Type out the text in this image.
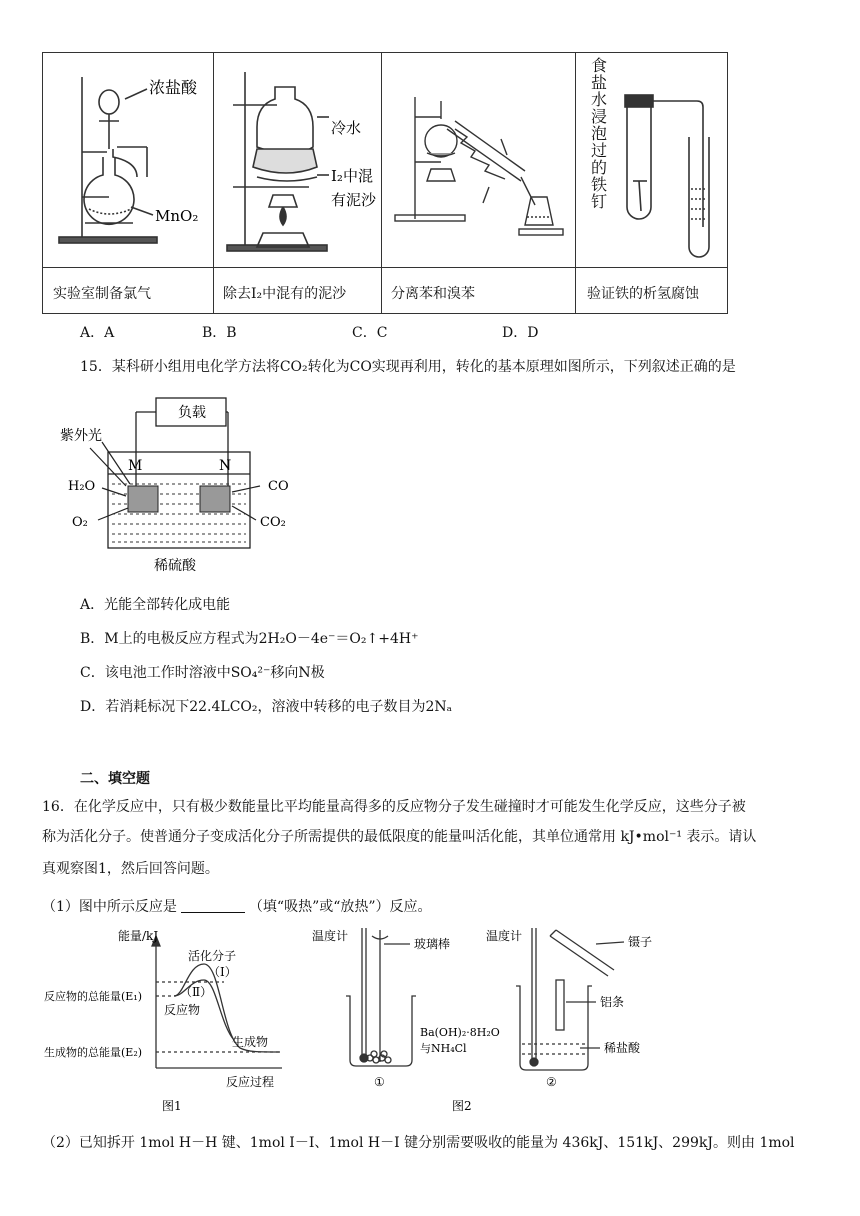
浓盐酸
MnO₂
冷水
I₂中混
有泥沙
食
盐
水
浸
泡
过
的
铁
钉
实验室制备氯气	除去I₂中混有的泥沙	分离苯和溴苯	验证铁的析氢腐蚀
A．A	B．B	C．C	D．D
15．某科研小组用电化学方法将CO₂转化为CO实现再利用，转化的基本原理如图所示，下列叙述正确的是
负载
紫外光
M	N
H₂O
O₂
CO
CO₂
稀硫酸
A．光能全部转化成电能
B．M上的电极反应方程式为2H₂O－4e⁻＝O₂↑+4H⁺
C．该电池工作时溶液中SO₄²⁻移向N极
D．若消耗标况下22.4LCO₂，溶液中转移的电子数目为2Nₐ
二、填空题
16．在化学反应中，只有极少数能量比平均能量高得多的反应物分子发生碰撞时才可能发生化学反应，这些分子被
称为活化分子。使普通分子变成活化分子所需提供的最低限度的能量叫活化能，其单位通常用 kJ•mol⁻¹ 表示。请认
真观察图1，然后回答问题。
（1）图中所示反应是	（填“吸热”或“放热”）反应。
能量/kJ
活化分子
（Ⅰ）
（Ⅱ）
反应物
反应物的总能量(E₁)
生成物的总能量(E₂)
生成物
反应过程
图1
温度计
玻璃棒
Ba(OH)₂·8H₂O
与NH₄Cl
①
温度计	镊子
铝条
稀盐酸
②
图2
（2）已知拆开 1mol H－H 键、1mol I－I、1mol H－I 键分别需要吸收的能量为 436kJ、151kJ、299kJ。则由 1mol
